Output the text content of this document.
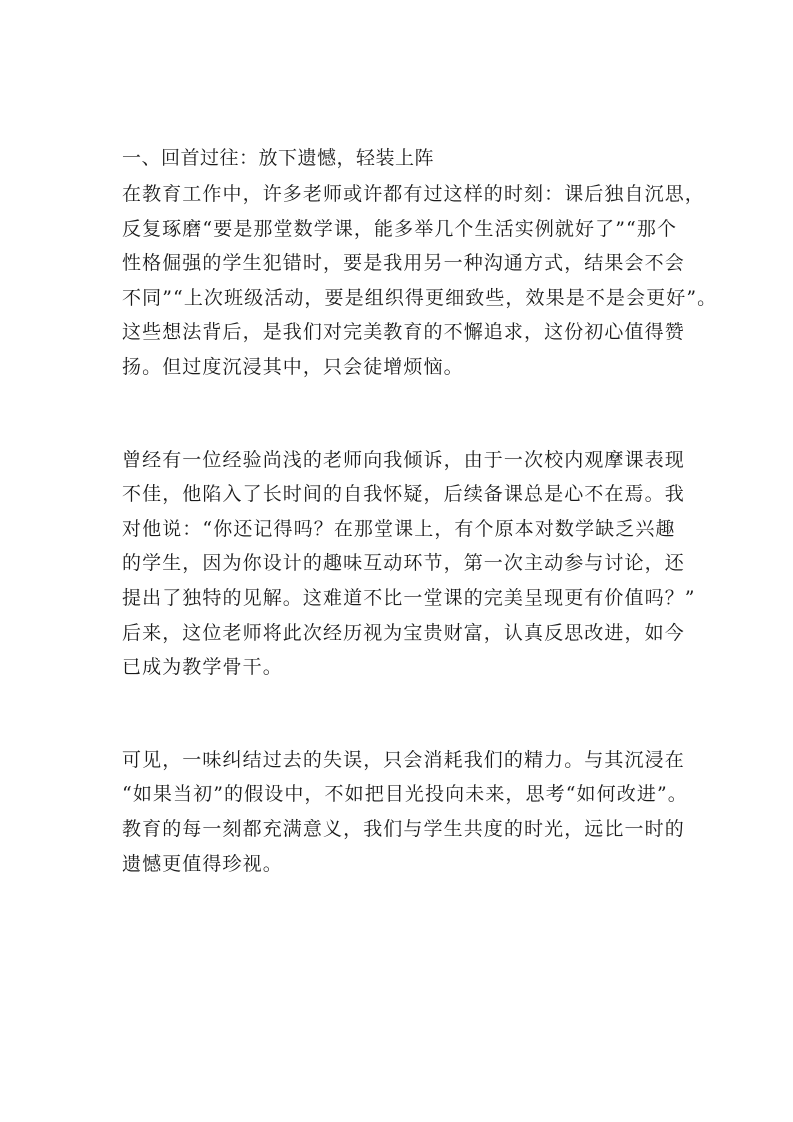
一、回首过往：放下遗憾，轻装上阵

在教育工作中，许多老师或许都有过这样的时刻：课后独自沉思，
反复琢磨“要是那堂数学课，能多举几个生活实例就好了”“那个
性格倔强的学生犯错时，要是我用另一种沟通方式，结果会不会
不同”“上次班级活动，要是组织得更细致些，效果是不是会更好”。
这些想法背后，是我们对完美教育的不懈追求，这份初心值得赞
扬。但过度沉浸其中，只会徒增烦恼。

曾经有一位经验尚浅的老师向我倾诉，由于一次校内观摩课表现
不佳，他陷入了长时间的自我怀疑，后续备课总是心不在焉。我
对他说：“你还记得吗？在那堂课上，有个原本对数学缺乏兴趣
的学生，因为你设计的趣味互动环节，第一次主动参与讨论，还
提出了独特的见解。这难道不比一堂课的完美呈现更有价值吗？”
后来，这位老师将此次经历视为宝贵财富，认真反思改进，如今
已成为教学骨干。

可见，一味纠结过去的失误，只会消耗我们的精力。与其沉浸在
“如果当初”的假设中，不如把目光投向未来，思考“如何改进”。
教育的每一刻都充满意义，我们与学生共度的时光，远比一时的
遗憾更值得珍视。
